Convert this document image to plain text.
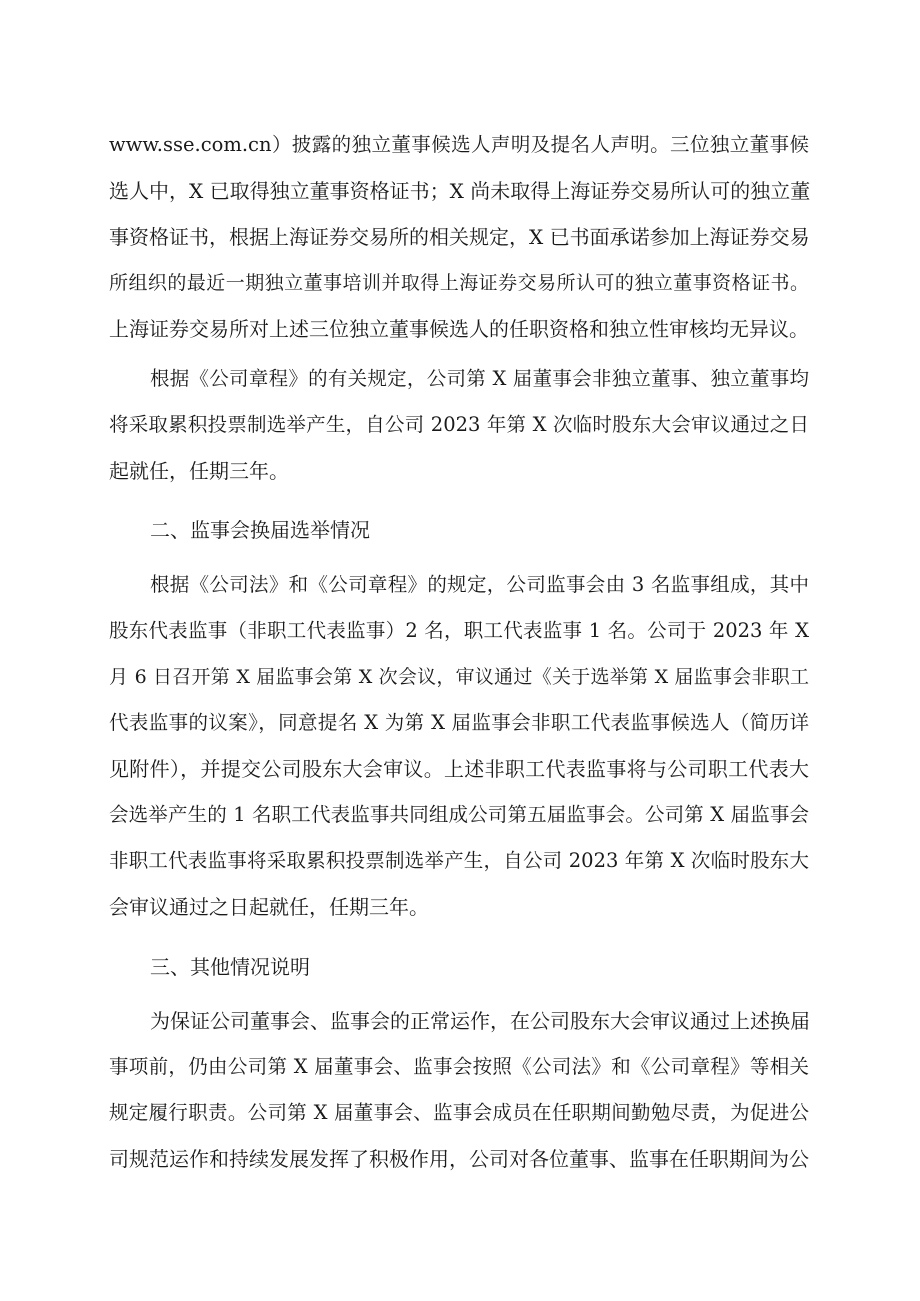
www.sse.com.cn）披露的独立董事候选人声明及提名人声明。三位独立董事候
选人中，X 已取得独立董事资格证书；X 尚未取得上海证券交易所认可的独立董
事资格证书，根据上海证券交易所的相关规定，X 已书面承诺参加上海证券交易
所组织的最近一期独立董事培训并取得上海证券交易所认可的独立董事资格证书。
上海证券交易所对上述三位独立董事候选人的任职资格和独立性审核均无异议。
根据《公司章程》的有关规定，公司第 X 届董事会非独立董事、独立董事均
将采取累积投票制选举产生，自公司 2023 年第 X 次临时股东大会审议通过之日
起就任，任期三年。
二、监事会换届选举情况
根据《公司法》和《公司章程》的规定，公司监事会由 3 名监事组成，其中
股东代表监事（非职工代表监事）2 名，职工代表监事 1 名。公司于 2023 年 X
月 6 日召开第 X 届监事会第 X 次会议，审议通过《关于选举第 X 届监事会非职工
代表监事的议案》，同意提名 X 为第 X 届监事会非职工代表监事候选人（简历详
见附件），并提交公司股东大会审议。上述非职工代表监事将与公司职工代表大
会选举产生的 1 名职工代表监事共同组成公司第五届监事会。公司第 X 届监事会
非职工代表监事将采取累积投票制选举产生，自公司 2023 年第 X 次临时股东大
会审议通过之日起就任，任期三年。
三、其他情况说明
为保证公司董事会、监事会的正常运作，在公司股东大会审议通过上述换届
事项前，仍由公司第 X 届董事会、监事会按照《公司法》和《公司章程》等相关
规定履行职责。公司第 X 届董事会、监事会成员在任职期间勤勉尽责，为促进公
司规范运作和持续发展发挥了积极作用，公司对各位董事、监事在任职期间为公
